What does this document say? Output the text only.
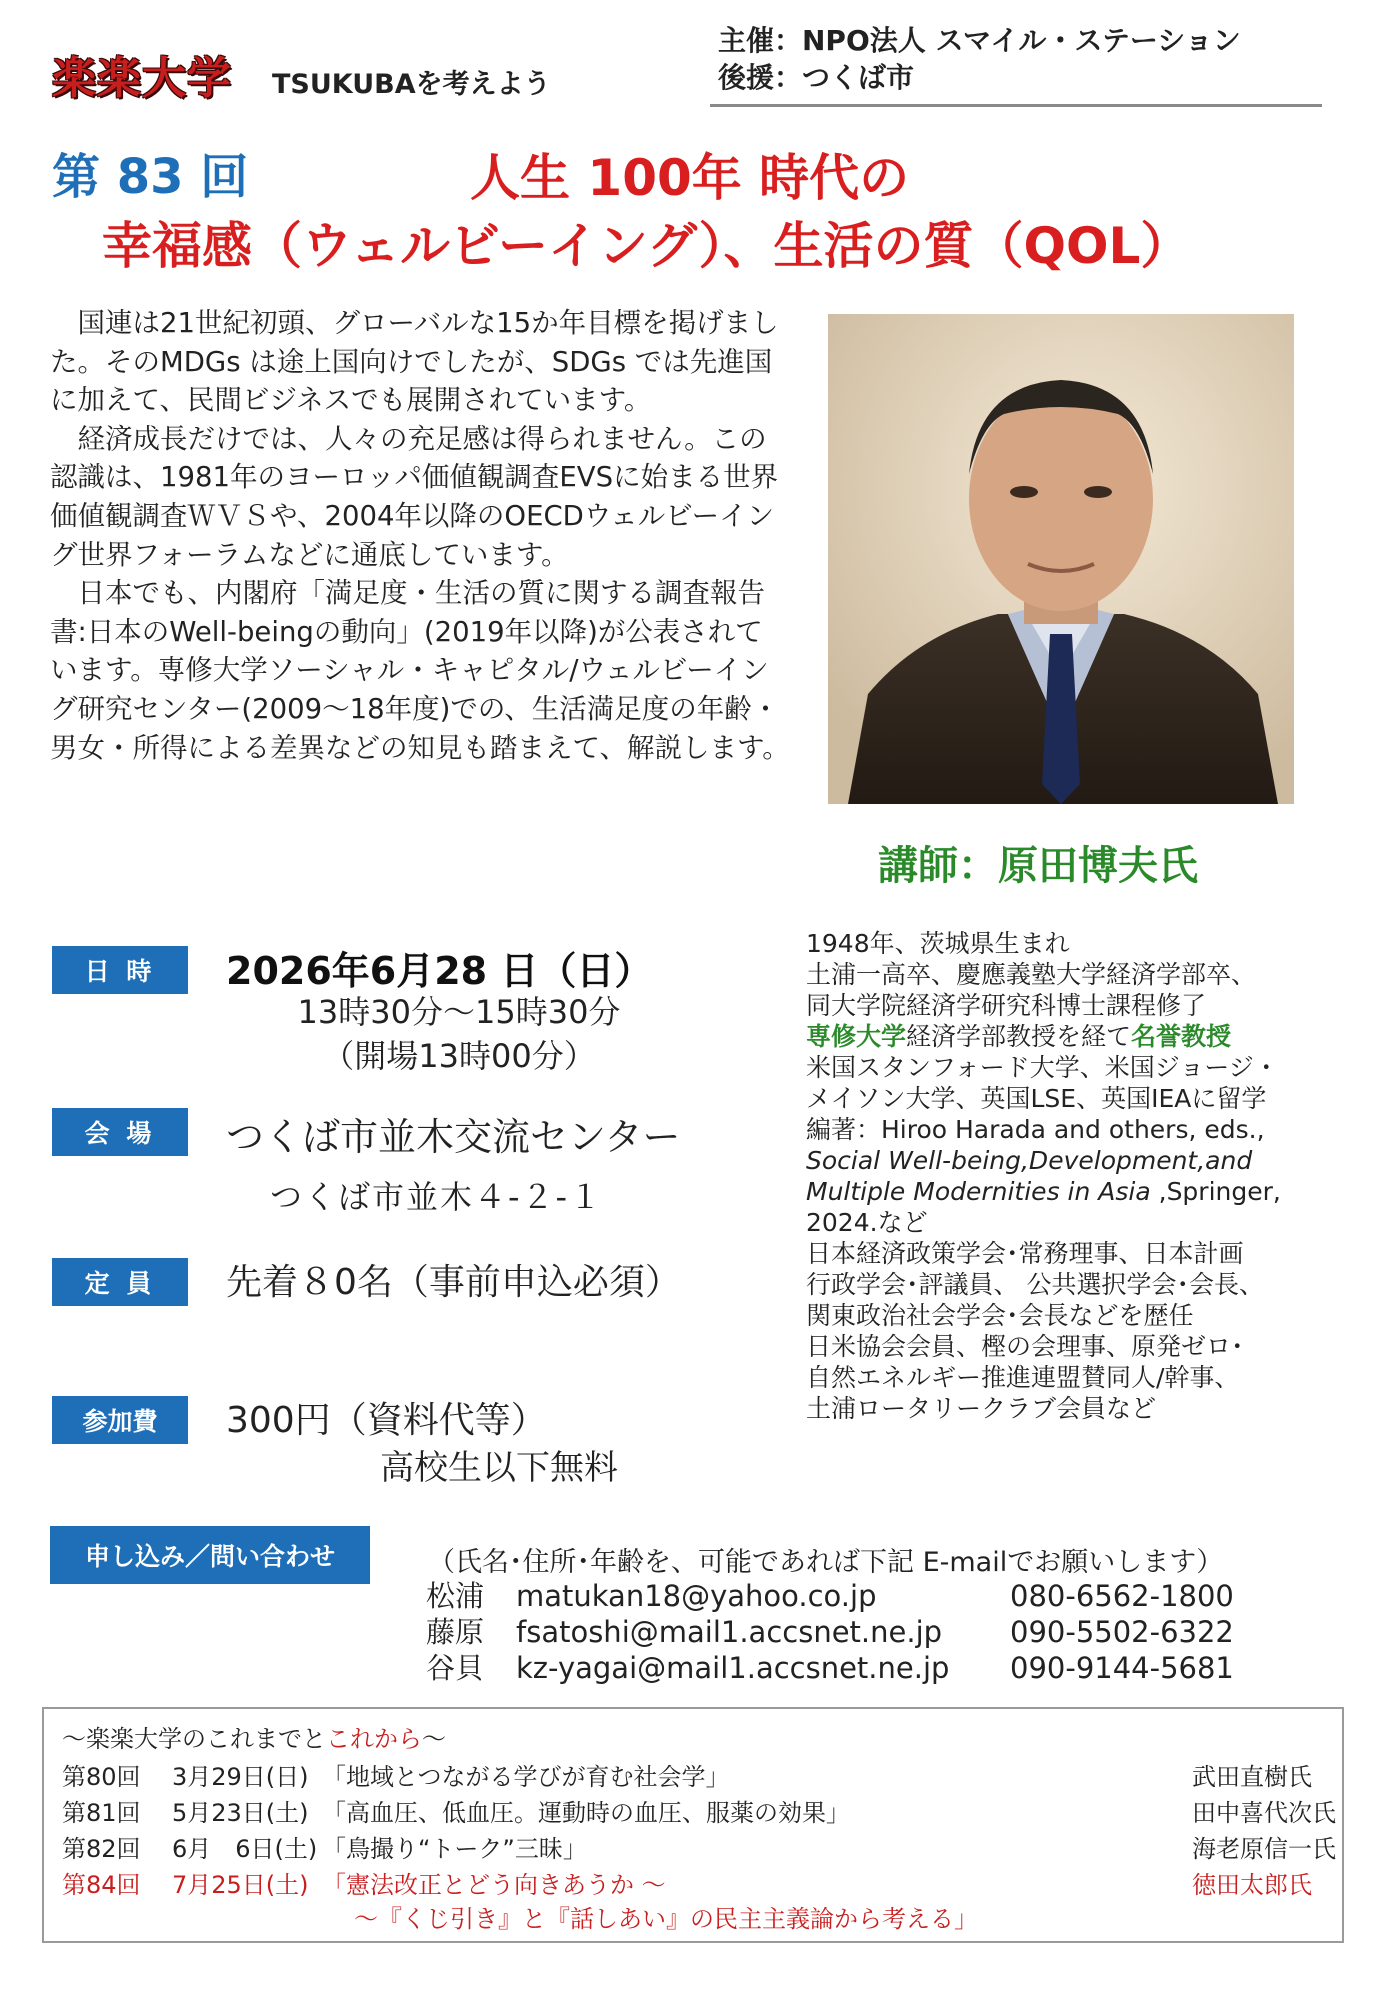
楽楽大学 TSUKUBAを考えよう
主催：NPO法人 スマイル・ステーション
後援：つくば市
第 83 回	人生 100年 時代の
幸福感（ウェルビーイング）、生活の質（QOL）

国連は21世紀初頭、グローバルな15か年目標を掲げました。そのMDGs は途上国向けでしたが、SDGs では先進国に加えて、民間ビジネスでも展開されています。

経済成長だけでは、人々の充足感は得られません。この認識は、1981年のヨーロッパ価値観調査EVSに始まる世界価値観調査ＷＶＳや、2004年以降のOECDウェルビーイング世界フォーラムなどに通底しています。

日本でも、内閣府「満足度・生活の質に関する調査報告書:日本のWell-beingの動向」(2019年以降)が公表されています。専修大学ソーシャル・キャピタル/ウェルビーイング研究センター(2009～18年度)での、生活満足度の年齢・男女・所得による差異などの知見も踏まえて、解説します。

講師：原田博夫氏
日 時	2026年6月28 日（日）
13時30分～15時30分
（開場13時00分）
会 場	つくば市並木交流センター
つくば市並木４-２-１
定 員	先着８0名（事前申込必須）
参加費	300円（資料代等）
高校生以下無料
1948年、茨城県生まれ
土浦一高卒、慶應義塾大学経済学部卒、
同大学院経済学研究科博士課程修了
専修大学経済学部教授を経て名誉教授
米国スタンフォード大学、米国ジョージ・
メイソン大学、英国LSE、英国IEAに留学
編著：Hiroo Harada and others, eds.,
Social Well-being,Development,and
Multiple Modernities in Asia ,Springer,
2024.など
日本経済政策学会･常務理事、日本計画
行政学会･評議員、 公共選択学会･会長、
関東政治社会学会･会長などを歴任
日米協会会員、樫の会理事、原発ゼロ･
自然エネルギー推進連盟賛同人/幹事、
土浦ロータリークラブ会員など
申し込み／問い合わせ	（氏名･住所･年齢を、可能であれば下記 E-mailでお願いします）
松浦	matukan18@yahoo.co.jp	080-6562-1800
藤原	fsatoshi@mail1.accsnet.ne.jp	090-5502-6322
谷貝	kz-yagai@mail1.accsnet.ne.jp	090-9144-5681
～楽楽大学のこれまでとこれから～
第80回 3月29日(日) 「地域とつながる学びが育む社会学」	武田直樹氏
第81回 5月23日(土) 「高血圧、低血圧。運動時の血圧、服薬の効果」	田中喜代次氏
第82回 6月　6日(土) 「鳥撮り“トーク”三昧」	海老原信一氏
第84回 7月25日(土) 「憲法改正とどう向きあうか ～	徳田太郎氏
～『くじ引き』と『話しあい』の民主主義論から考える」
